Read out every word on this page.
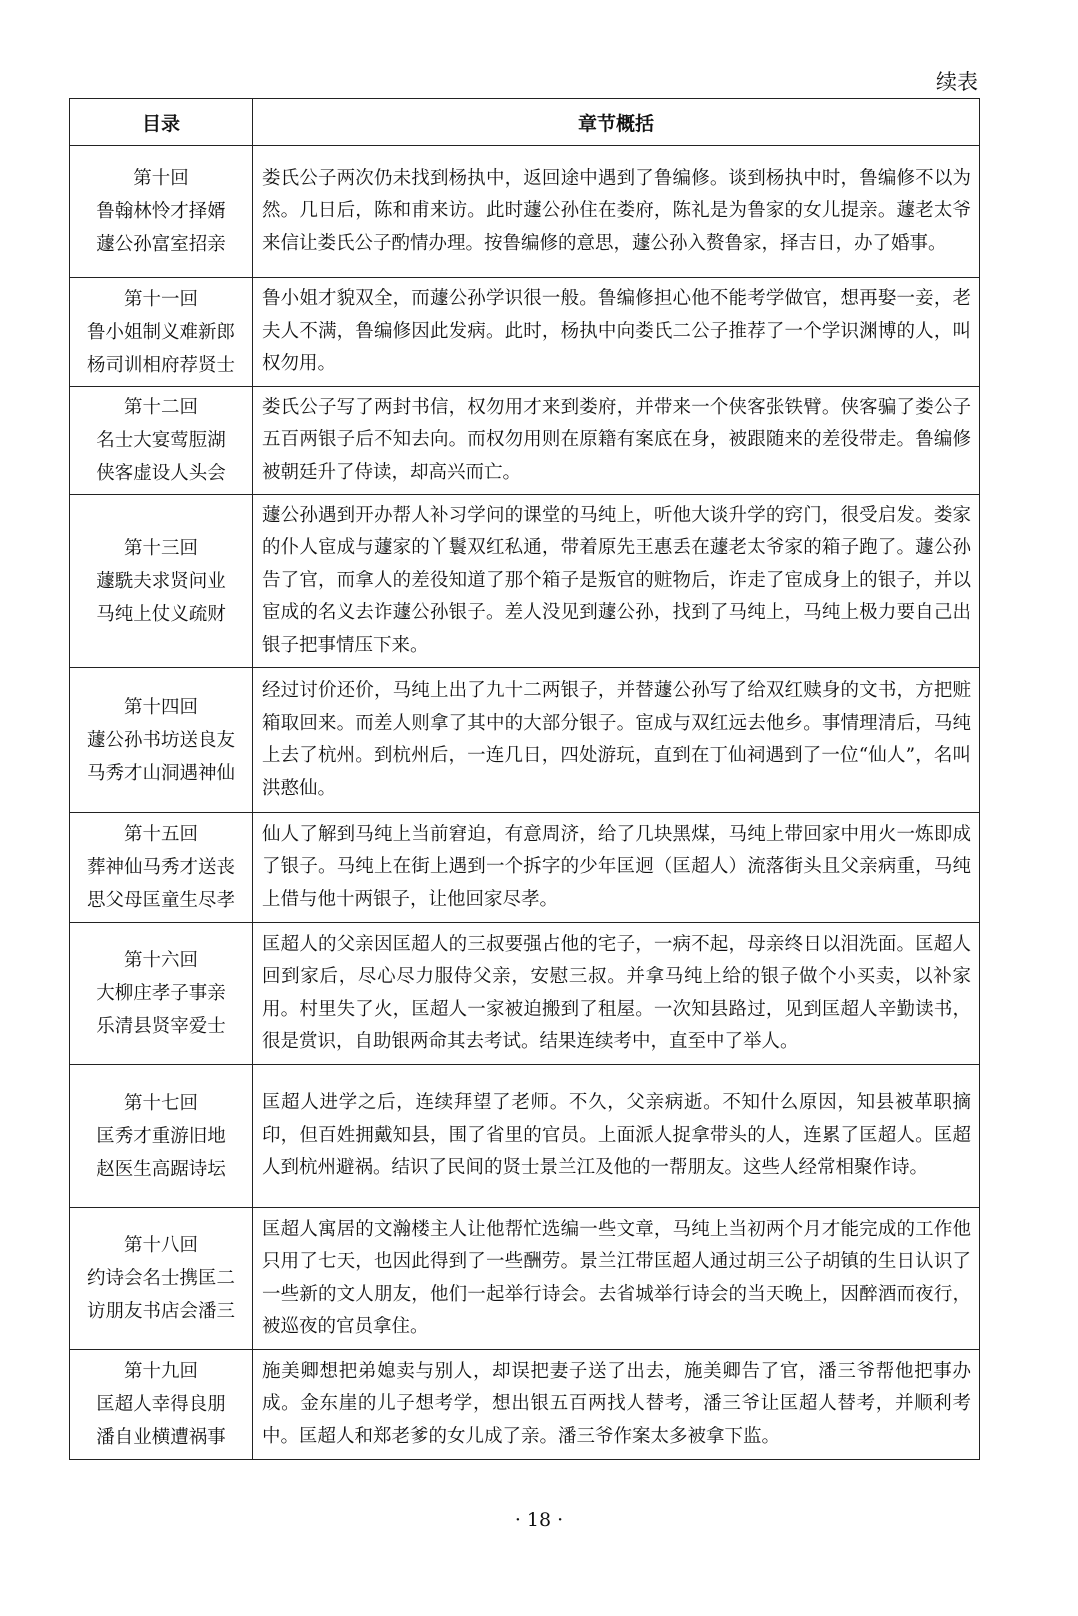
续表
目录	章节概括

第十回
鲁翰林怜才择婿
蘧公孙富室招亲	娄氏公子两次仍未找到杨执中，返回途中遇到了鲁编修。谈到杨执中时，鲁编修不以为然。几日后，陈和甫来访。此时蘧公孙住在娄府，陈礼是为鲁家的女儿提亲。蘧老太爷来信让娄氏公子酌情办理。按鲁编修的意思，蘧公孙入赘鲁家，择吉日，办了婚事。

第十一回
鲁小姐制义难新郎
杨司训相府荐贤士	鲁小姐才貌双全，而蘧公孙学识很一般。鲁编修担心他不能考学做官，想再娶一妾，老夫人不满，鲁编修因此发病。此时，杨执中向娄氏二公子推荐了一个学识渊博的人，叫权勿用。

第十二回
名士大宴莺脰湖
侠客虚设人头会	娄氏公子写了两封书信，权勿用才来到娄府，并带来一个侠客张铁臂。侠客骗了娄公子五百两银子后不知去向。而权勿用则在原籍有案底在身，被跟随来的差役带走。鲁编修被朝廷升了侍读，却高兴而亡。

第十三回
蘧駪夫求贤问业
马纯上仗义疏财	蘧公孙遇到开办帮人补习学问的课堂的马纯上，听他大谈升学的窍门，很受启发。娄家的仆人宦成与蘧家的丫鬟双红私通，带着原先王惠丢在蘧老太爷家的箱子跑了。蘧公孙告了官，而拿人的差役知道了那个箱子是叛官的赃物后，诈走了宦成身上的银子，并以宦成的名义去诈蘧公孙银子。差人没见到蘧公孙，找到了马纯上，马纯上极力要自己出银子把事情压下来。

第十四回
蘧公孙书坊送良友
马秀才山洞遇神仙	经过讨价还价，马纯上出了九十二两银子，并替蘧公孙写了给双红赎身的文书，方把赃箱取回来。而差人则拿了其中的大部分银子。宦成与双红远去他乡。事情理清后，马纯上去了杭州。到杭州后，一连几日，四处游玩，直到在丁仙祠遇到了一位“仙人”，名叫洪憨仙。

第十五回
葬神仙马秀才送丧
思父母匡童生尽孝	仙人了解到马纯上当前窘迫，有意周济，给了几块黑煤，马纯上带回家中用火一炼即成了银子。马纯上在街上遇到一个拆字的少年匡迥（匡超人）流落街头且父亲病重，马纯上借与他十两银子，让他回家尽孝。

第十六回
大柳庄孝子事亲
乐清县贤宰爱士	匡超人的父亲因匡超人的三叔要强占他的宅子，一病不起，母亲终日以泪洗面。匡超人回到家后，尽心尽力服侍父亲，安慰三叔。并拿马纯上给的银子做个小买卖，以补家用。村里失了火，匡超人一家被迫搬到了租屋。一次知县路过，见到匡超人辛勤读书，很是赏识，自助银两命其去考试。结果连续考中，直至中了举人。

第十七回
匡秀才重游旧地
赵医生高踞诗坛	匡超人进学之后，连续拜望了老师。不久，父亲病逝。不知什么原因，知县被革职摘印，但百姓拥戴知县，围了省里的官员。上面派人捉拿带头的人，连累了匡超人。匡超人到杭州避祸。结识了民间的贤士景兰江及他的一帮朋友。这些人经常相聚作诗。

第十八回
约诗会名士携匡二
访朋友书店会潘三	匡超人寓居的文瀚楼主人让他帮忙选编一些文章，马纯上当初两个月才能完成的工作他只用了七天，也因此得到了一些酬劳。景兰江带匡超人通过胡三公子胡镇的生日认识了一些新的文人朋友，他们一起举行诗会。去省城举行诗会的当天晚上，因醉酒而夜行，被巡夜的官员拿住。

第十九回
匡超人幸得良朋
潘自业横遭祸事	施美卿想把弟媳卖与别人，却误把妻子送了出去，施美卿告了官，潘三爷帮他把事办成。金东崖的儿子想考学，想出银五百两找人替考，潘三爷让匡超人替考，并顺利考中。匡超人和郑老爹的女儿成了亲。潘三爷作案太多被拿下监。
· 18 ·
